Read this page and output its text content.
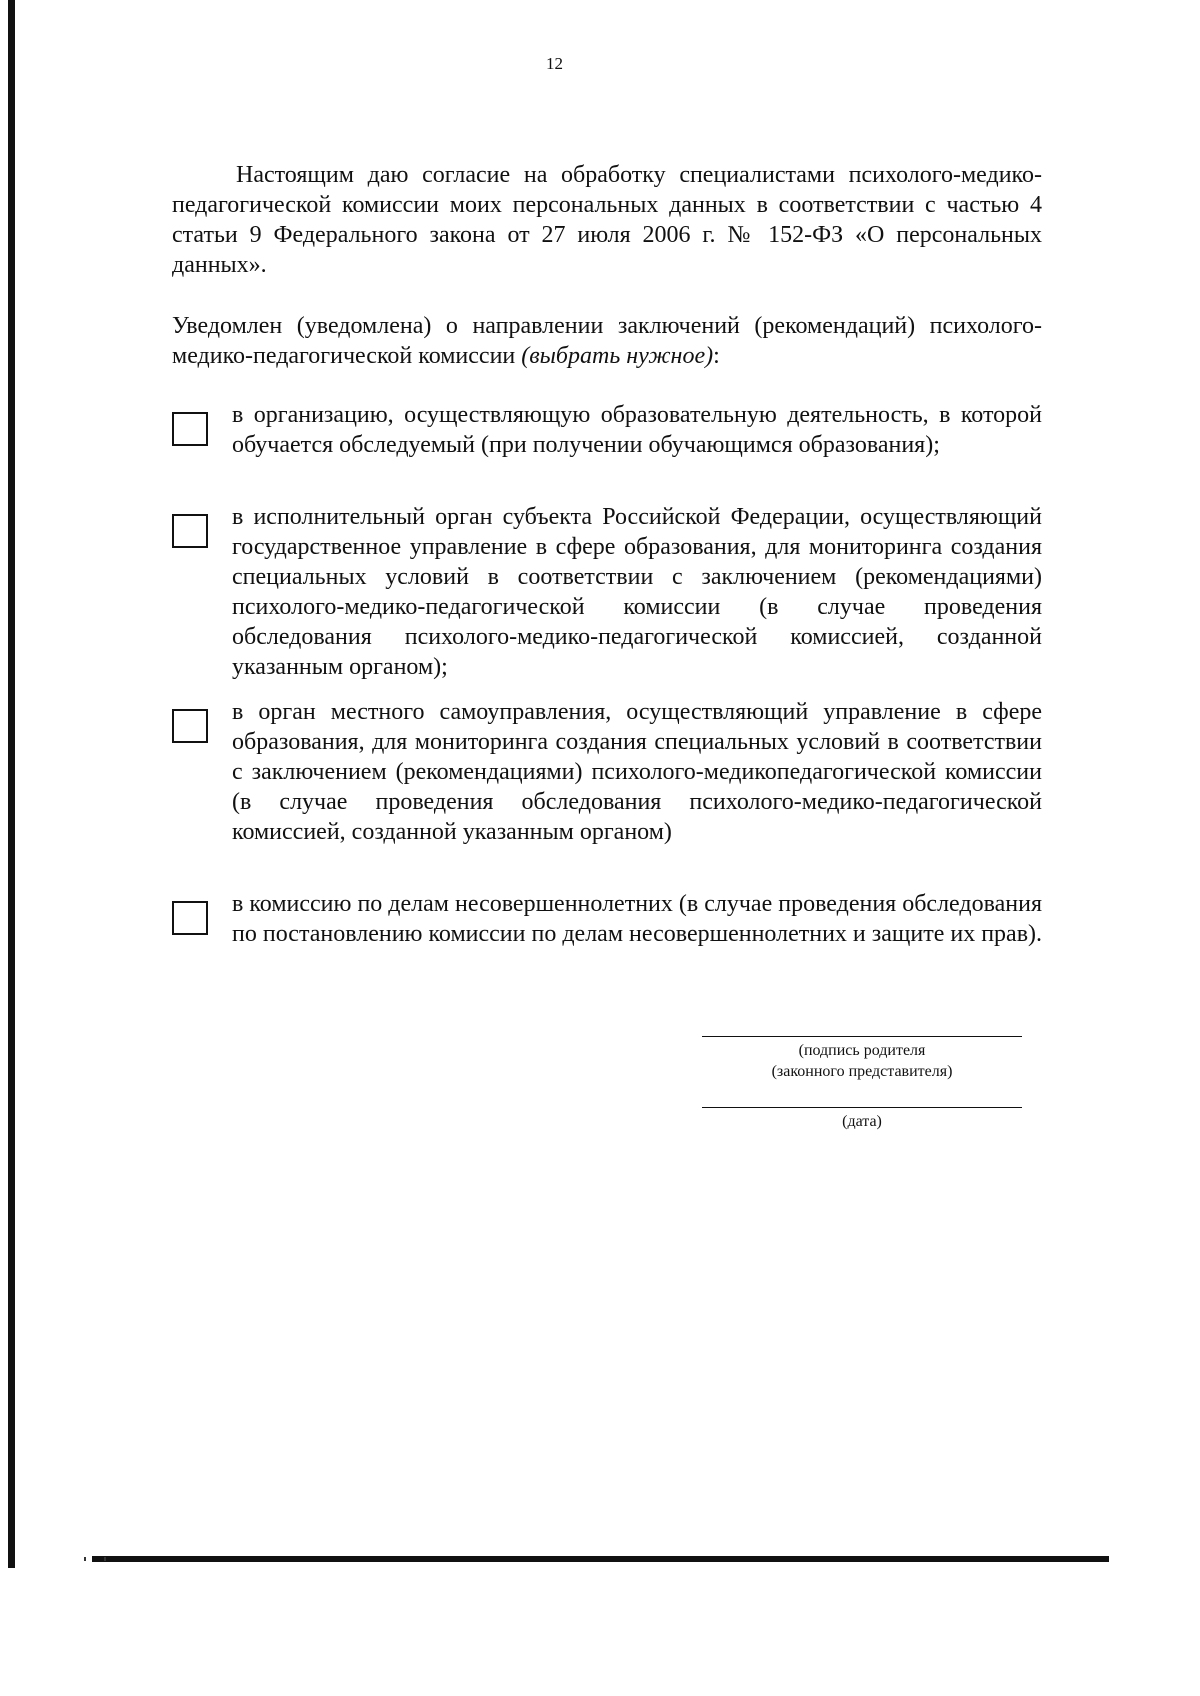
12

Настоящим даю согласие на обработку специалистами психолого-медико-педагогической комиссии моих персональных данных в соответствии с частью 4 статьи 9 Федерального закона от 27 июля 2006 г. № 152-ФЗ «О персональных данных».

Уведомлен (уведомлена) о направлении заключений (рекомендаций) психолого-медико-педагогической комиссии (выбрать нужное):

в организацию, осуществляющую образовательную деятельность, в которой обучается обследуемый (при получении обучающимся образования);

в исполнительный орган субъекта Российской Федерации, осуществляющий государственное управление в сфере образования, для мониторинга создания специальных условий в соответствии с заключением (рекомендациями) психолого-медико-педагогической комиссии (в случае проведения обследования психолого-медико-педагогической комиссией, созданной указанным органом);

в орган местного самоуправления, осуществляющий управление в сфере образования, для мониторинга создания специальных условий в соответствии с заключением (рекомендациями) психолого-медикопедагогической комиссии (в случае проведения обследования психолого-медико-педагогической комиссией, созданной указанным органом)

в комиссию по делам несовершеннолетних (в случае проведения обследования по постановлению комиссии по делам несовершеннолетних и защите их прав).

(подпись родителя
(законного представителя)
(дата)
